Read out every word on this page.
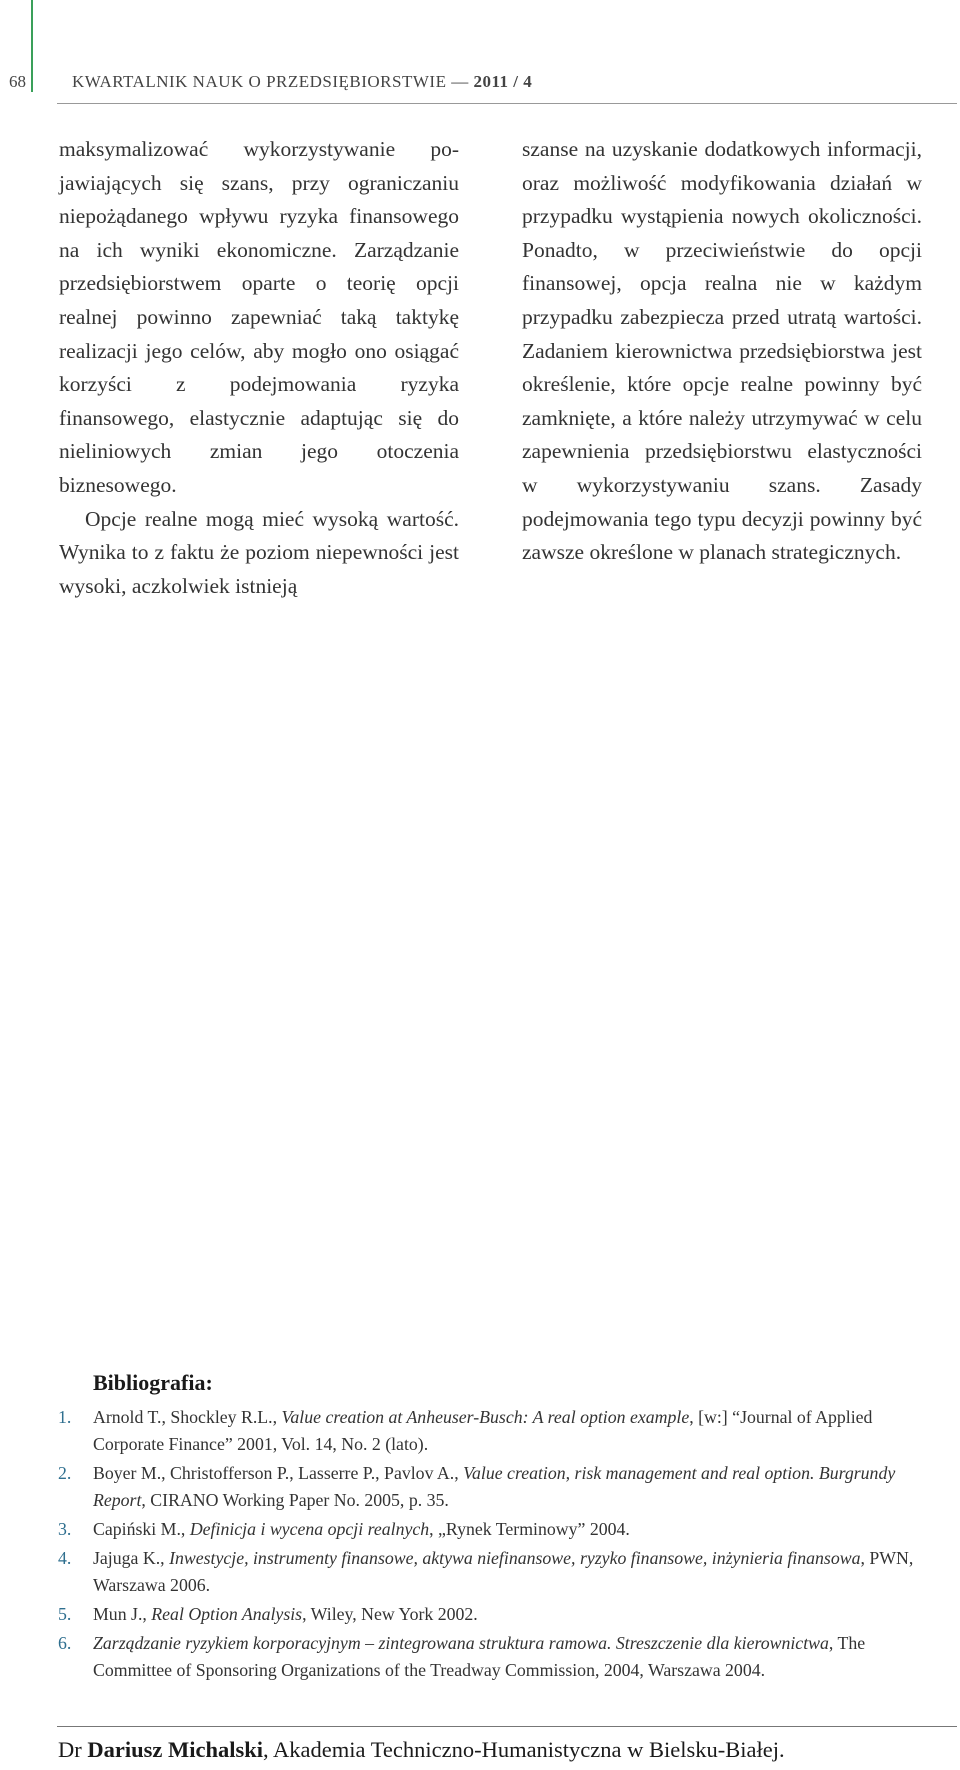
68	KWARTALNIK NAUK O PRZEDSIĘBIORSTWIE — 2011 / 4

maksymalizować wykorzystywanie pojawiających się szans, przy ograniczaniu niepożądanego wpływu ryzyka finansowego na ich wyniki ekonomiczne. Zarządzanie przedsiębiorstwem oparte o teorię opcji realnej powinno zapewniać taką taktykę realizacji jego celów, aby mogło ono osiągać korzyści z podejmowania ryzyka finansowego, elastycznie adaptując się do nieliniowych zmian jego otoczenia biznesowego.

Opcje realne mogą mieć wysoką wartość. Wynika to z faktu że poziom niepewności jest wysoki, aczkolwiek istnieją

szanse na uzyskanie dodatkowych informacji, oraz możliwość modyfikowania działań w przypadku wystąpienia nowych okoliczności. Ponadto, w przeciwieństwie do opcji finansowej, opcja realna nie w każdym przypadku zabezpiecza przed utratą wartości. Zadaniem kierownictwa przedsiębiorstwa jest określenie, które opcje realne powinny być zamknięte, a które należy utrzymywać w celu zapewnienia przedsiębiorstwu elastyczności w wykorzystywaniu szans. Zasady podejmowania tego typu decyzji powinny być zawsze określone w planach strategicznych.

Bibliografia:
1. Arnold T., Shockley R.L., Value creation at Anheuser-Busch: A real option example, [w:] “Journal of Applied Corporate Finance” 2001, Vol. 14, No. 2 (lato).
2. Boyer M., Christofferson P., Lasserre P., Pavlov A., Value creation, risk management and real option. Burgrundy Report, CIRANO Working Paper No. 2005, p. 35.
3. Capiński M., Definicja i wycena opcji realnych, „Rynek Terminowy” 2004.
4. Jajuga K., Inwestycje, instrumenty finansowe, aktywa niefinansowe, ryzyko finansowe, inżynieria finansowa, PWN, Warszawa 2006.
5. Mun J., Real Option Analysis, Wiley, New York 2002.
6. Zarządzanie ryzykiem korporacyjnym – zintegrowana struktura ramowa. Streszczenie dla kierownictwa, The Committee of Sponsoring Organizations of the Treadway Commission, 2004, Warszawa 2004.
Dr Dariusz Michalski, Akademia Techniczno-Humanistyczna w Bielsku-Białej.
